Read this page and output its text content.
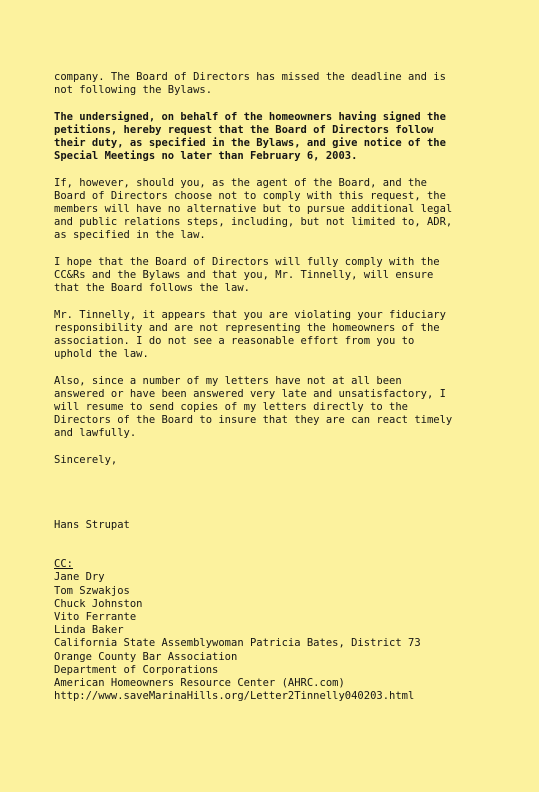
company. The Board of Directors has missed the deadline and is
not following the Bylaws.

The undersigned, on behalf of the homeowners having signed the
petitions, hereby request that the Board of Directors follow
their duty, as specified in the Bylaws, and give notice of the
Special Meetings no later than February 6, 2003.

If, however, should you, as the agent of the Board, and the
Board of Directors choose not to comply with this request, the
members will have no alternative but to pursue additional legal
and public relations steps, including, but not limited to, ADR,
as specified in the law.

I hope that the Board of Directors will fully comply with the
CC&Rs and the Bylaws and that you, Mr. Tinnelly, will ensure
that the Board follows the law.

Mr. Tinnelly, it appears that you are violating your fiduciary
responsibility and are not representing the homeowners of the
association. I do not see a reasonable effort from you to
uphold the law.

Also, since a number of my letters have not at all been
answered or have been answered very late and unsatisfactory, I
will resume to send copies of my letters directly to the
Directors of the Board to insure that they are can react timely
and lawfully.

Sincerely,

Hans Strupat

CC:

Jane Dry
Tom Szwakjos
Chuck Johnston
Vito Ferrante
Linda Baker
California State Assemblywoman Patricia Bates, District 73
Orange County Bar Association
Department of Corporations
American Homeowners Resource Center (AHRC.com)
http://www.saveMarinaHills.org/Letter2Tinnelly040203.html
